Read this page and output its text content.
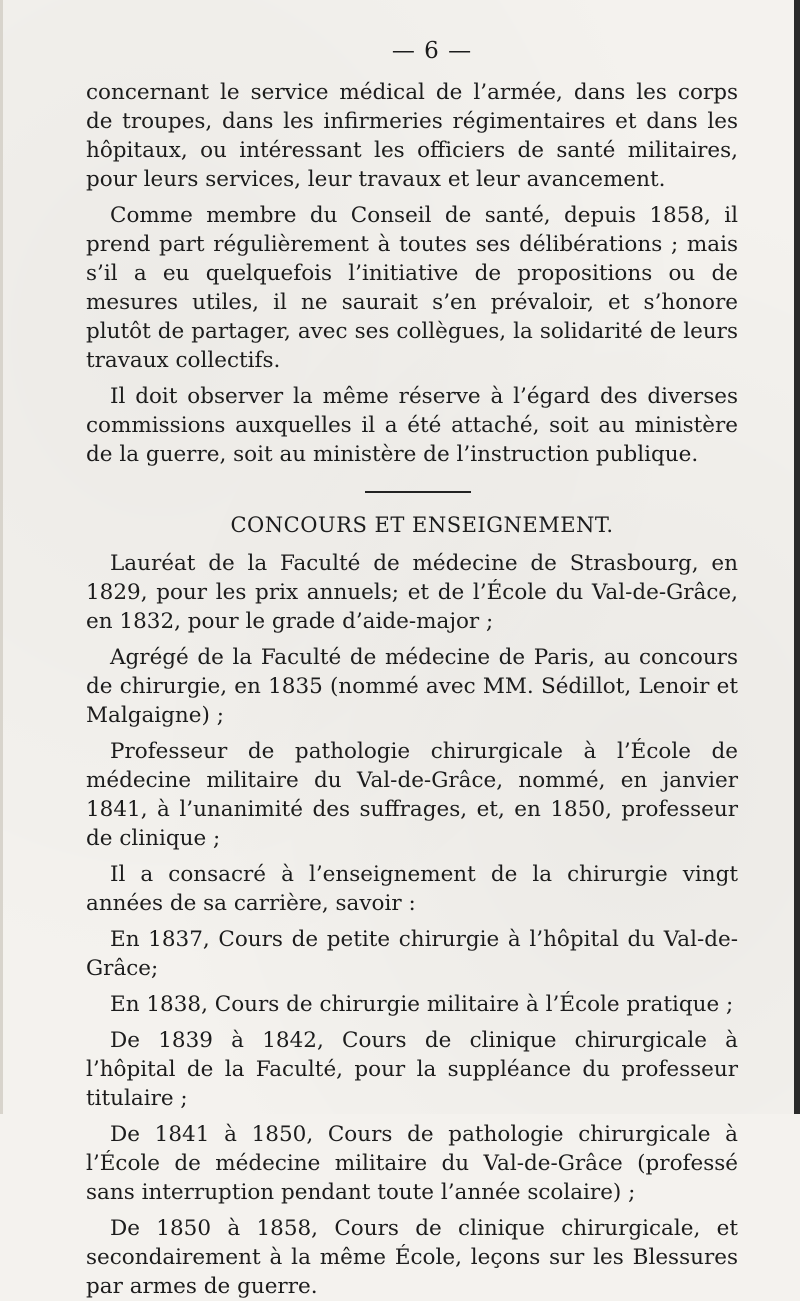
— 6 —

concernant le service médical de l’armée, dans les corps de troupes, dans les infirmeries régimentaires et dans les hôpitaux, ou intéressant les officiers de santé militaires, pour leurs services, leur travaux et leur avancement.

Comme membre du Conseil de santé, depuis 1858, il prend part régulièrement à toutes ses délibérations ; mais s’il a eu quelquefois l’initiative de propositions ou de mesures utiles, il ne saurait s’en prévaloir, et s’honore plutôt de partager, avec ses collègues, la solidarité de leurs travaux collectifs.

Il doit observer la même réserve à l’égard des diverses commissions auxquelles il a été attaché, soit au ministère de la guerre, soit au ministère de l’instruction publique.

CONCOURS ET ENSEIGNEMENT.

Lauréat de la Faculté de médecine de Strasbourg, en 1829, pour les prix annuels; et de l’École du Val-de-Grâce, en 1832, pour le grade d’aide-major ;

Agrégé de la Faculté de médecine de Paris, au concours de chirurgie, en 1835 (nommé avec MM. Sédillot, Lenoir et Malgaigne) ;

Professeur de pathologie chirurgicale à l’École de médecine militaire du Val-de-Grâce, nommé, en janvier 1841, à l’unanimité des suffrages, et, en 1850, professeur de clinique ;

Il a consacré à l’enseignement de la chirurgie vingt années de sa carrière, savoir :

En 1837, Cours de petite chirurgie à l’hôpital du Val-de-Grâce;

En 1838, Cours de chirurgie militaire à l’École pratique ;

De 1839 à 1842, Cours de clinique chirurgicale à l’hôpital de la Faculté, pour la suppléance du professeur titulaire ;

De 1841 à 1850, Cours de pathologie chirurgicale à l’École de médecine militaire du Val-de-Grâce (professé sans interruption pendant toute l’année scolaire) ;

De 1850 à 1858, Cours de clinique chirurgicale, et secondairement à la même École, leçons sur les Blessures par armes de guerre.
